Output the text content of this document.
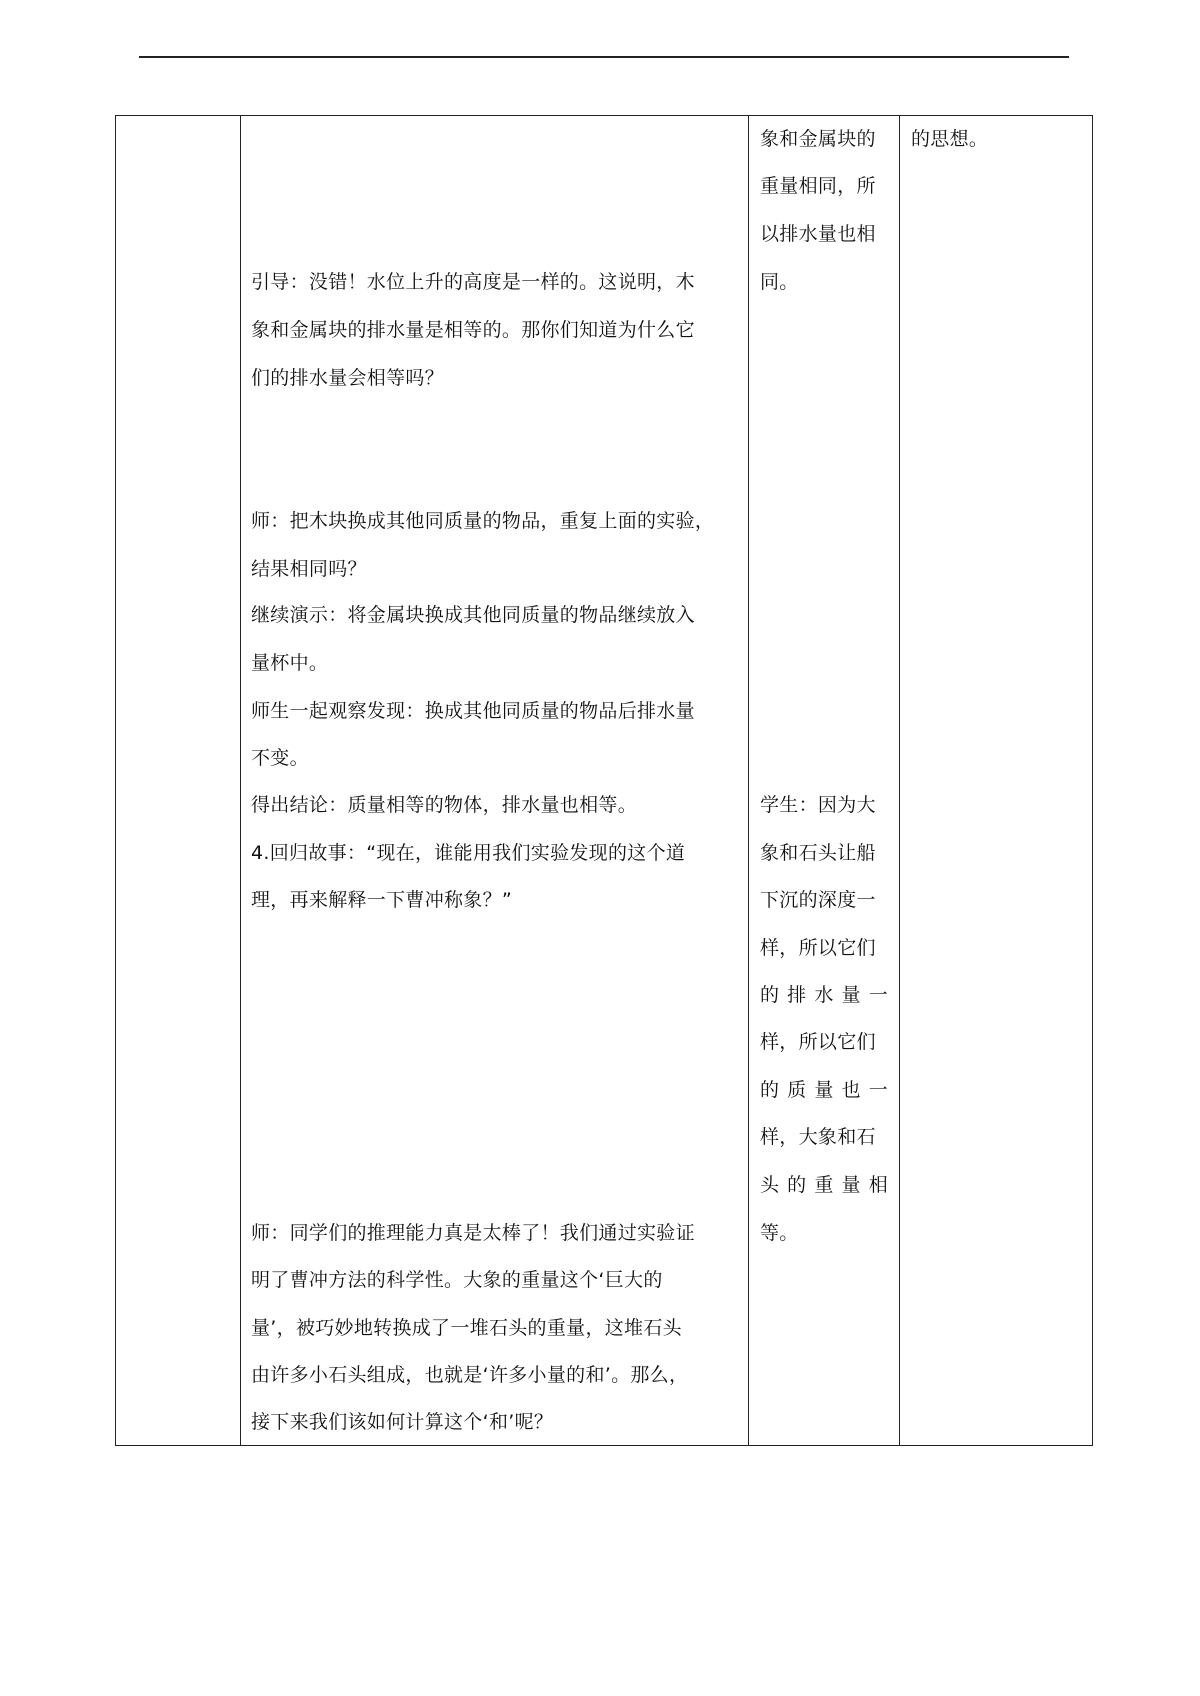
引导：没错！水位上升的高度是一样的。这说明，木
象和金属块的排水量是相等的。那你们知道为什么它
们的排水量会相等吗？
师：把木块换成其他同质量的物品，重复上面的实验，
结果相同吗？
继续演示：将金属块换成其他同质量的物品继续放入
量杯中。
师生一起观察发现：换成其他同质量的物品后排水量
不变。
得出结论：质量相等的物体，排水量也相等。
4.回归故事：“现在，谁能用我们实验发现的这个道
理，再来解释一下曹冲称象？”
师：同学们的推理能力真是太棒了！我们通过实验证
明了曹冲方法的科学性。大象的重量这个‘巨大的
量’，被巧妙地转换成了一堆石头的重量，这堆石头
由许多小石头组成，也就是‘许多小量的和’。那么，
接下来我们该如何计算这个‘和’呢？
象和金属块的
重量相同，所
以排水量也相
同。
学生：因为大
象和石头让船
下沉的深度一
样，所以它们
的 排 水 量 一
样，所以它们
的 质 量 也 一
样，大象和石
头 的 重 量 相
等。
的思想。
